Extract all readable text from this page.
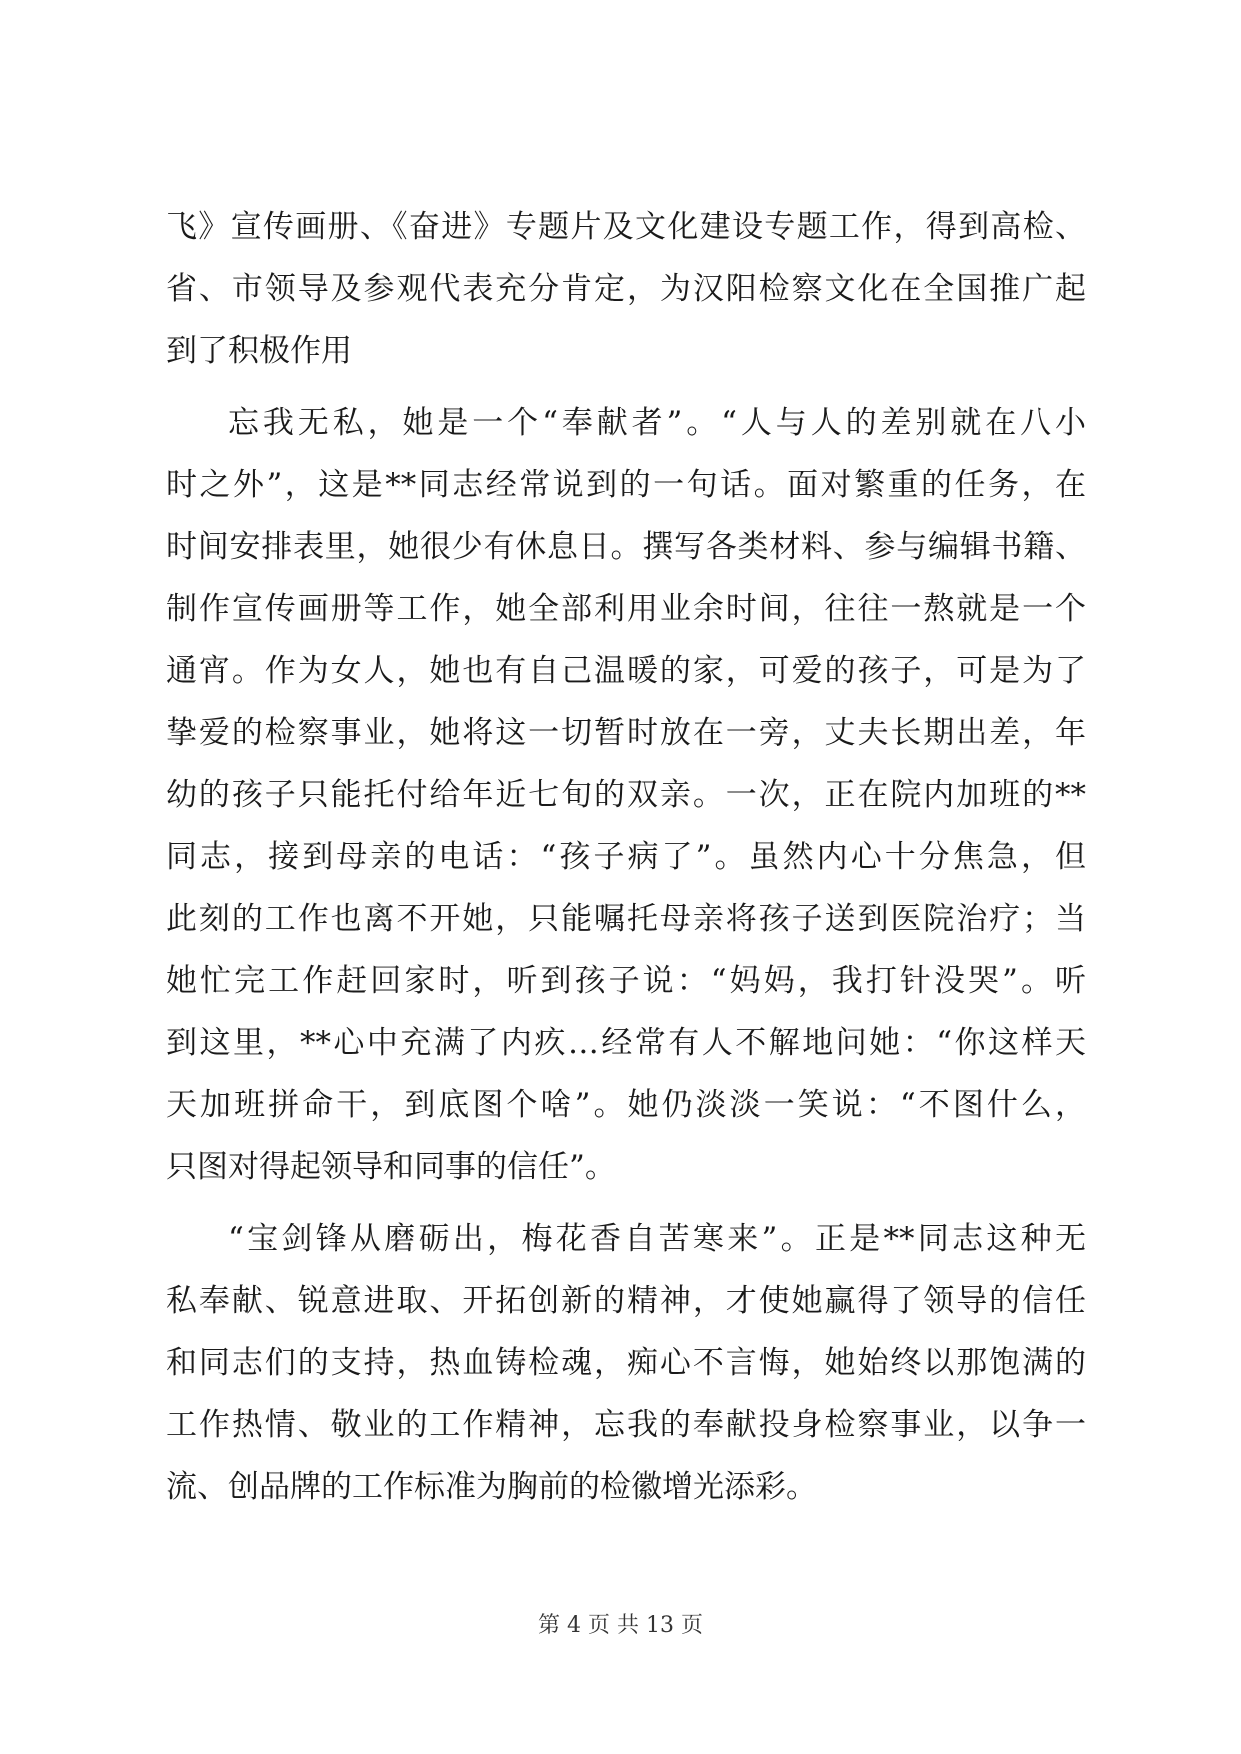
飞》宣传画册、《奋进》专题片及文化建设专题工作，得到高检、
省、市领导及参观代表充分肯定，为汉阳检察文化在全国推广起
到了积极作用
忘我无私，她是一个“奉献者”。“人与人的差别就在八小
时之外”，这是**同志经常说到的一句话。面对繁重的任务，在
时间安排表里，她很少有休息日。撰写各类材料、参与编辑书籍、
制作宣传画册等工作，她全部利用业余时间，往往一熬就是一个
通宵。作为女人，她也有自己温暖的家，可爱的孩子，可是为了
挚爱的检察事业，她将这一切暂时放在一旁，丈夫长期出差，年
幼的孩子只能托付给年近七旬的双亲。一次，正在院内加班的**
同志，接到母亲的电话：“孩子病了”。虽然内心十分焦急，但
此刻的工作也离不开她，只能嘱托母亲将孩子送到医院治疗；当
她忙完工作赶回家时，听到孩子说：“妈妈，我打针没哭”。听
到这里，**心中充满了内疚…经常有人不解地问她：“你这样天
天加班拼命干，到底图个啥”。她仍淡淡一笑说：“不图什么，
只图对得起领导和同事的信任”。
“宝剑锋从磨砺出，梅花香自苦寒来”。正是**同志这种无
私奉献、锐意进取、开拓创新的精神，才使她赢得了领导的信任
和同志们的支持，热血铸检魂，痴心不言悔，她始终以那饱满的
工作热情、敬业的工作精神，忘我的奉献投身检察事业，以争一
流、创品牌的工作标准为胸前的检徽增光添彩。
第 4 页 共 13 页
